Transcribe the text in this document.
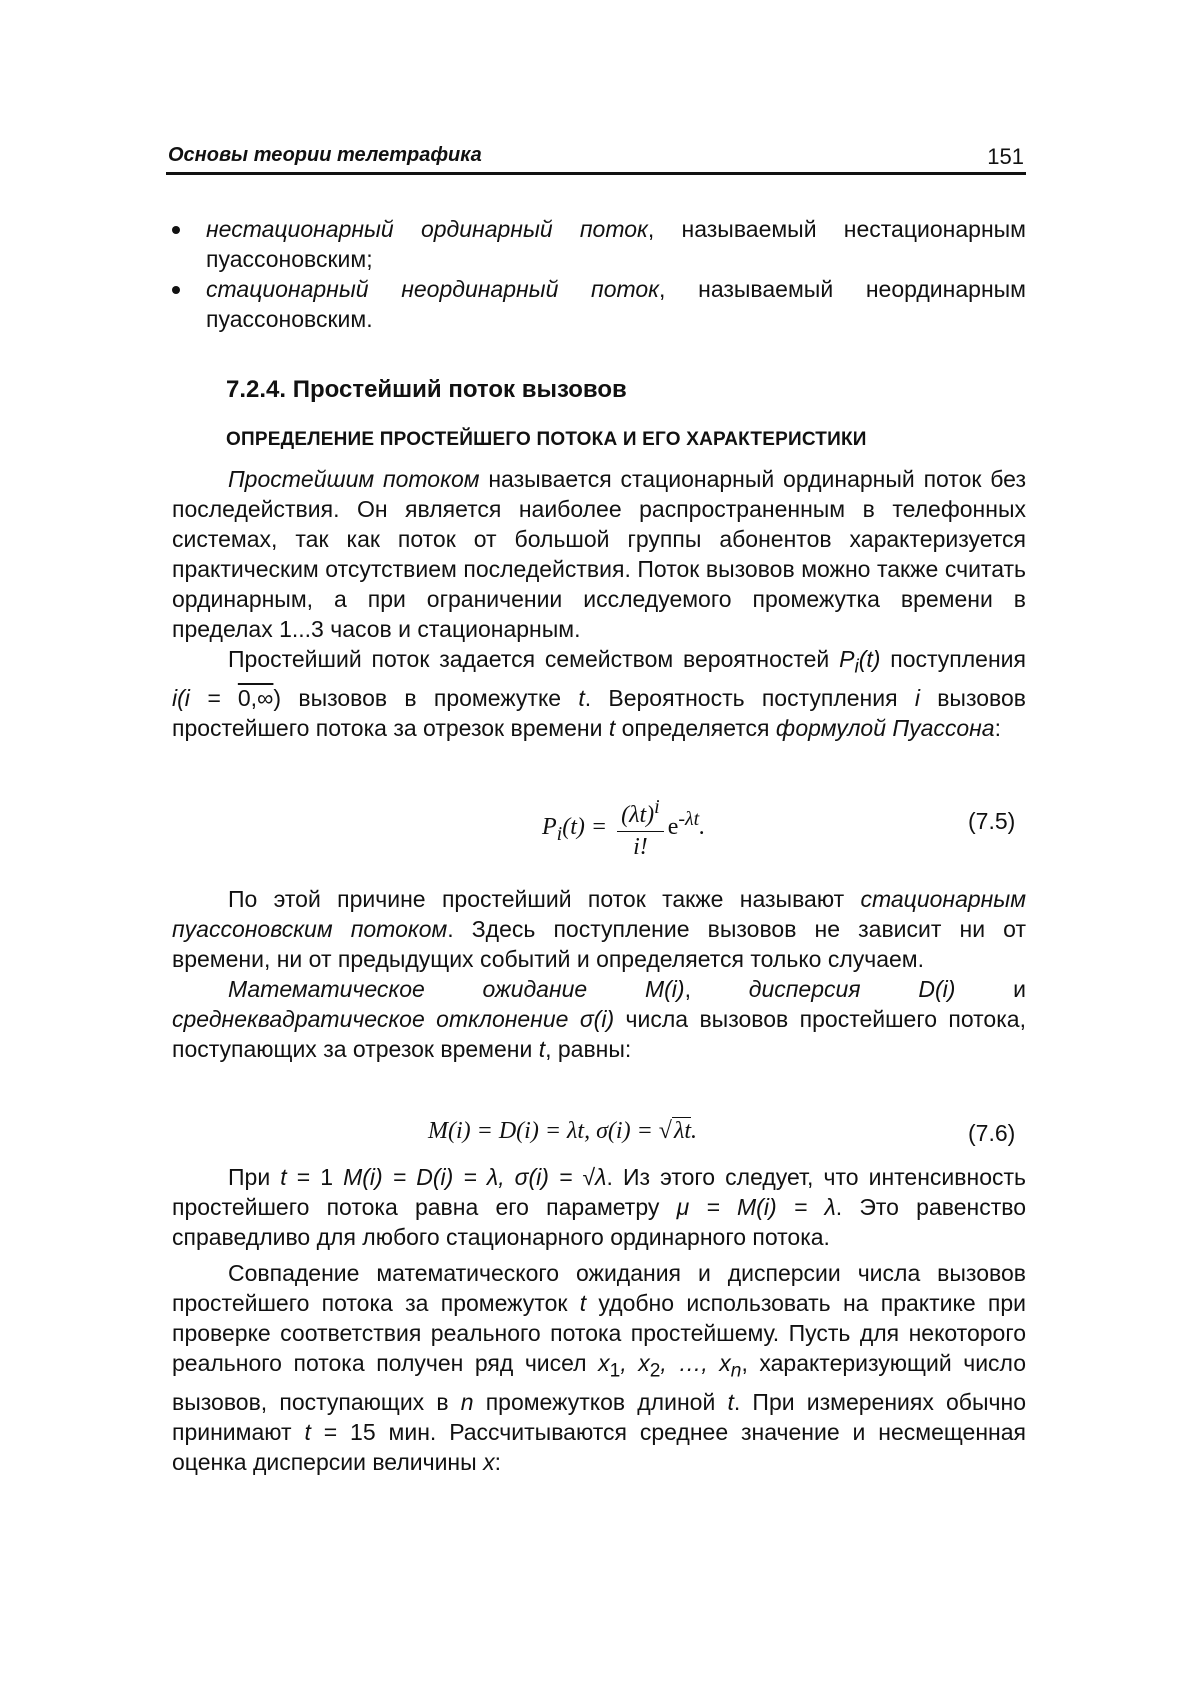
Основы теории телетрафика	151
нестационарный ординарный поток, называемый нестационарным пуассоновским;
стационарный неординарный поток, называемый неординарным пуассоновским.
7.2.4. Простейший поток вызовов
ОПРЕДЕЛЕНИЕ ПРОСТЕЙШЕГО ПОТОКА И ЕГО ХАРАКТЕРИСТИКИ

Простейшим потоком называется стационарный ординарный поток без последействия. Он является наиболее распространенным в телефонных системах, так как поток от большой группы абонентов характеризуется практическим отсутствием последействия. Поток вызовов можно также считать ординарным, а при ограничении исследуемого промежутка времени в пределах 1...3 часов и стационарным.

Простейший поток задается семейством вероятностей $P_i(t)$ поступления i(i = 0,∞) вызовов в промежутке t. Вероятность поступления i вызовов простейшего потока за отрезок времени t определяется формулой Пуассона:

$P_i(t) = \frac{(\lambda t)^i}{i!} e^{-\lambda t}$.	(7.5)

По этой причине простейший поток также называют стационарным пуассоновским потоком. Здесь поступление вызовов не зависит ни от времени, ни от предыдущих событий и определяется только случаем.

Математическое ожидание M(i), дисперсия D(i) и среднеквадратическое отклонение σ(i) числа вызовов простейшего потока, поступающих за отрезок времени t, равны:

M(i) = D(i) = λt, σ(i) = √λt.	(7.6)

При t = 1 M(i) = D(i) = λ, σ(i) = √λ. Из этого следует, что интенсивность простейшего потока равна его параметру μ = M(i) = λ. Это равенство справедливо для любого стационарного ординарного потока.

Совпадение математического ожидания и дисперсии числа вызовов простейшего потока за промежуток t удобно использовать на практике при проверке соответствия реального потока простейшему. Пусть для некоторого реального потока получен ряд чисел $x_1$, $x_2$, …, $x_n$, характеризующий число вызовов, поступающих в n промежутков длиной t. При измерениях обычно принимают t = 15 мин. Рассчитываются среднее значение и несмещенная оценка дисперсии величины x:
